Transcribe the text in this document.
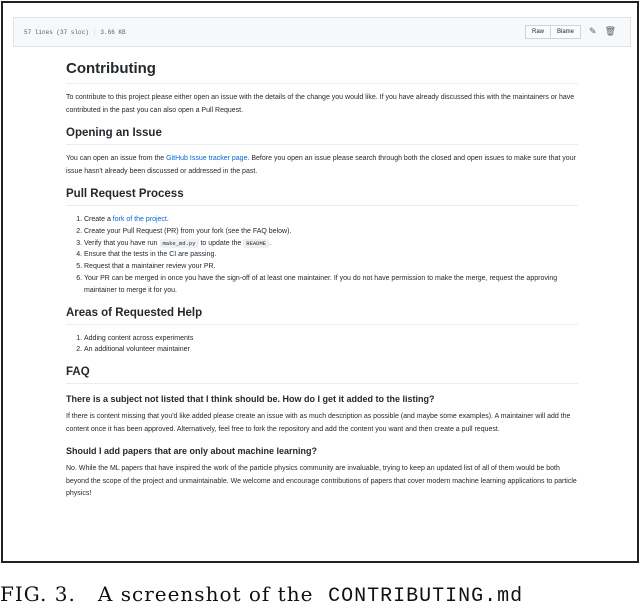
57 lines (37 sloc) | 3.66 KB	Raw	Blame	✎ 🗑︎
Contributing

To contribute to this project please either open an issue with the details of the change you would like. If you have already discussed this with the maintainers or have contributed in the past you can also open a Pull Request.

Opening an Issue

You can open an issue from the GitHub Issue tracker page. Before you open an issue please search through both the closed and open issues to make sure that your issue hasn't already been discussed or addressed in the past.

Pull Request Process
1. Create a fork of the project.
2. Create your Pull Request (PR) from your fork (see the FAQ below).
3. Verify that you have run make_md.py to update the README .
4. Ensure that the tests in the CI are passing.
5. Request that a maintainer review your PR.
6. Your PR can be merged in once you have the sign-off of at least one maintainer. If you do not have permission to make the merge, request the approving maintainer to merge it for you.
Areas of Requested Help
1. Adding content across experiments
2. An additional volunteer maintainer
FAQ
There is a subject not listed that I think should be. How do I get it added to the listing?

If there is content missing that you'd like added please create an issue with as much description as possible (and maybe some examples). A maintainer will add the content once it has been approved. Alternatively, feel free to fork the repository and add the content you want and then create a pull request.

Should I add papers that are only about machine learning?

No. While the ML papers that have inspired the work of the particle physics community are invaluable, trying to keep an updated list of all of them would be both beyond the scope of the project and unmaintainable. We welcome and encourage contributions of papers that cover modern machine learning applications to particle physics!

FIG. 3. A screenshot of the CONTRIBUTING.md
